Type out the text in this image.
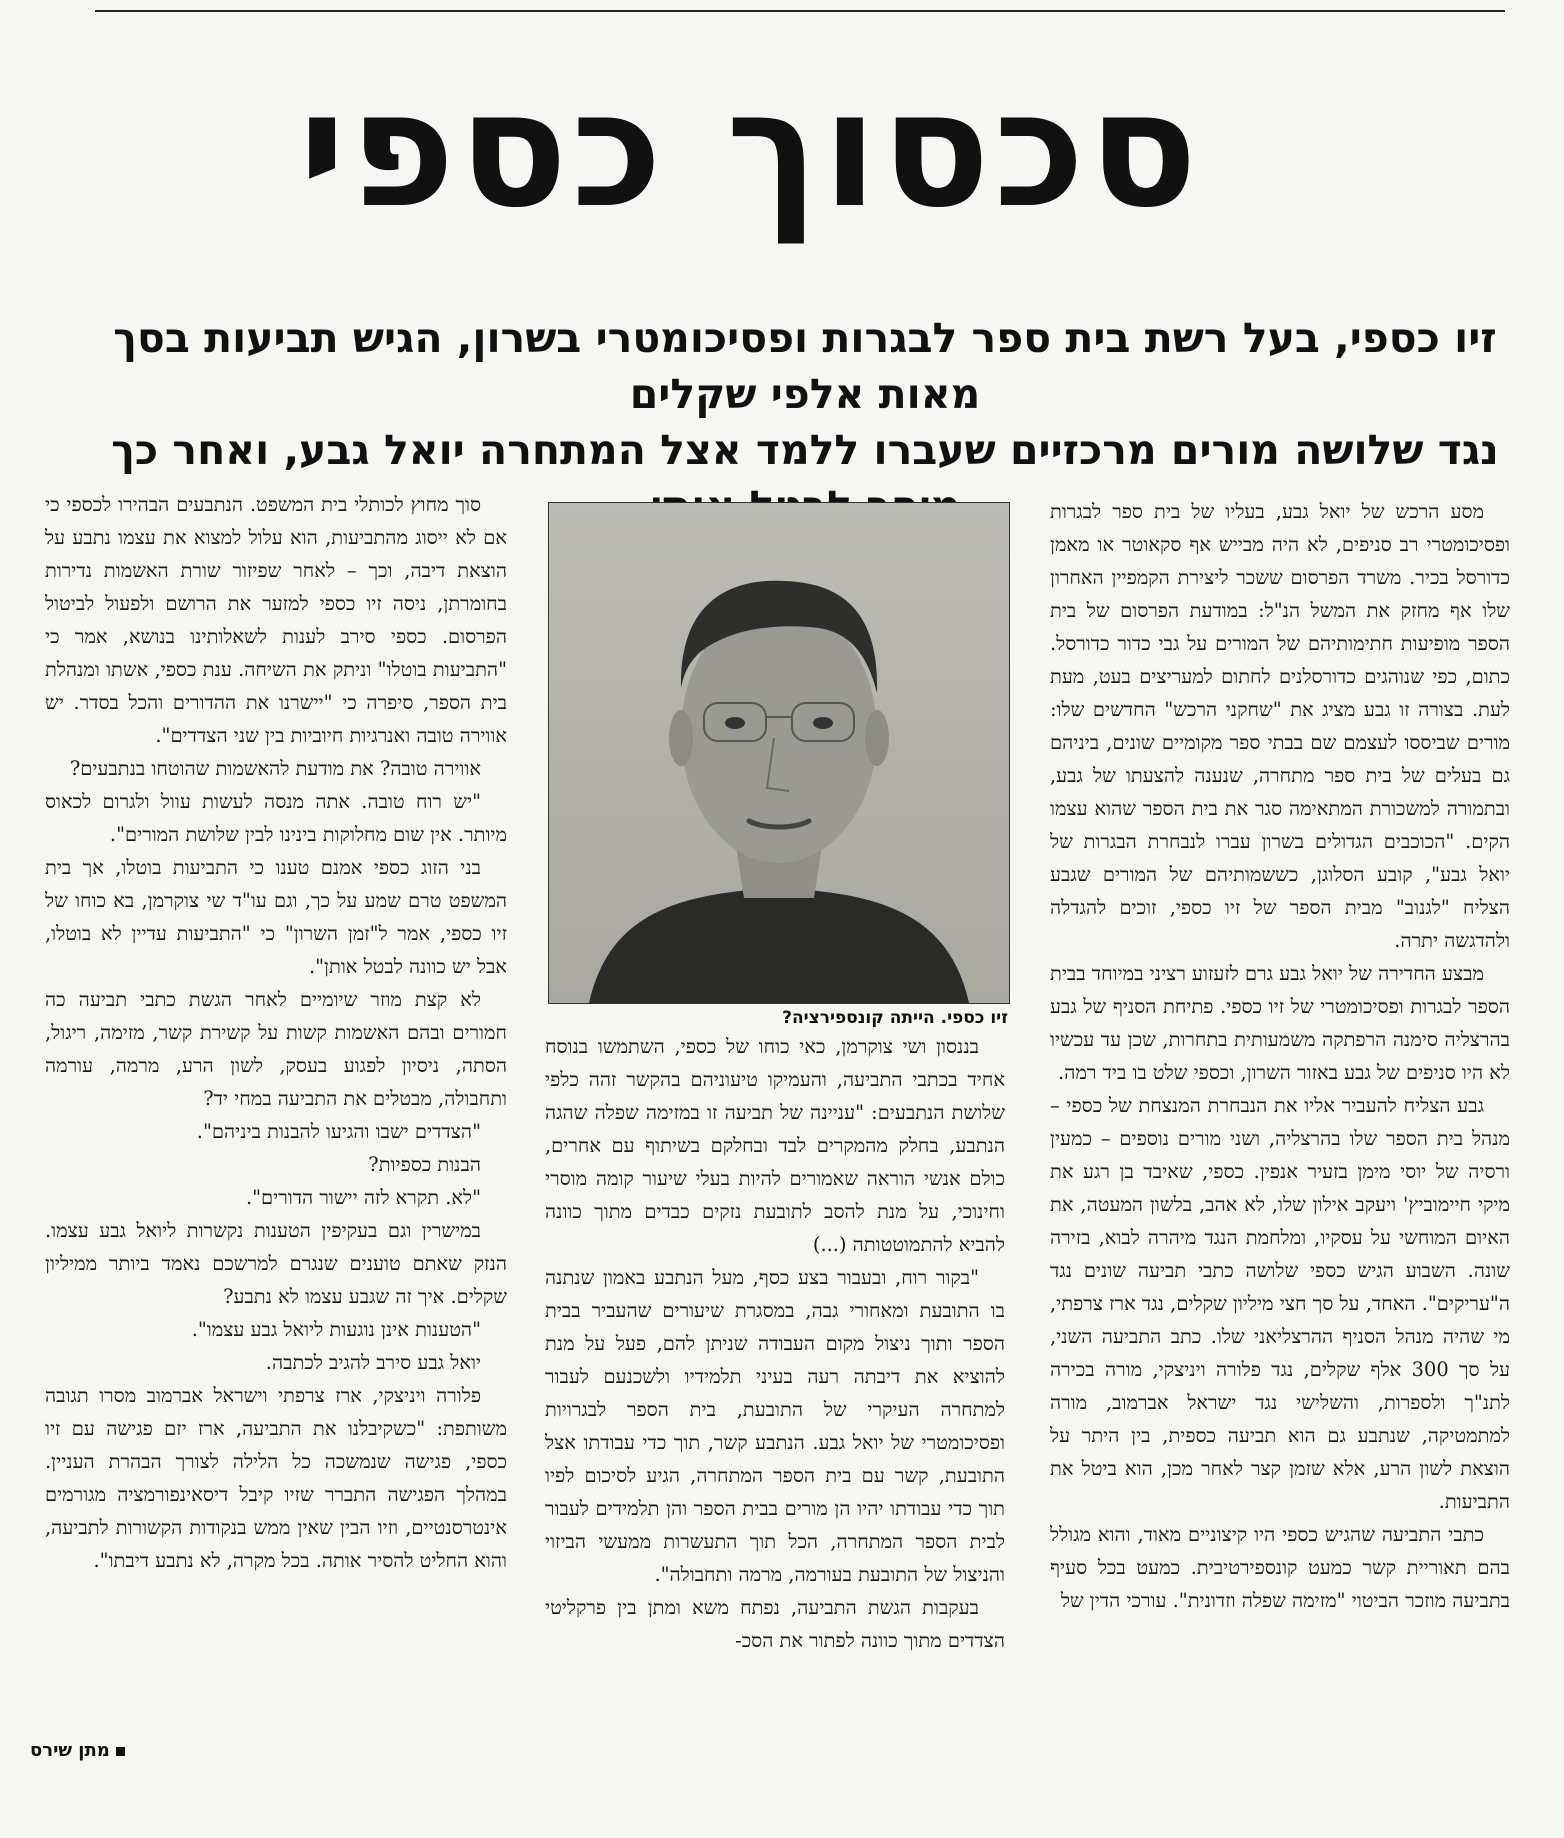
סכסוך כספי
זיו כספי, בעל רשת בית ספר לבגרות ופסיכומטרי בשרון, הגיש תביעות בסך מאות אלפי שקלים
נגד שלושה מורים מרכזיים שעברו ללמד אצל המתחרה יואל גבע, ואחר כך

מסע הרכש של יואל גבע, בעליו של בית ספר לבגרות ופסיכומטרי רב סניפים, לא היה מבייש אף סקאוטר או מאמן כדורסל בכיר. משרד הפרסום ששכר ליצירת הקמפיין האחרון שלו אף מחזק את המשל הנ"ל: במודעת הפרסום של בית הספר מופיעות חתימותיהם של המורים על גבי כדור כדורסל. כתום, כפי שנוהגים כדורסלנים לחתום למעריצים בעט, מעת לעת. בצורה זו גבע מציג את "שחקני הרכש" החדשים שלו: מורים שביססו לעצמם שם בבתי ספר מקומיים שונים, ביניהם גם בעלים של בית ספר מתחרה, שנענה להצעתו של גבע, ובתמורה למשכורת המתאימה סגר את בית הספר שהוא עצמו הקים. "הכוכבים הגדולים בשרון עברו לנבחרת הבגרות של יואל גבע", קובע הסלוגן, כששמותיהם של המורים שגבע הצליח "לגנוב" מבית הספר של זיו כספי, זוכים להגדלה ולהדגשה יתרה.

מבצע החדירה של יואל גבע גרם לזעזוע רציני במיוחד בבית הספר לבגרות ופסיכומטרי של זיו כספי. פתיחת הסניף של גבע בהרצליה סימנה הרפתקה משמעותית בתחרות, שכן עד עכשיו לא היו סניפים של גבע באזור השרון, וכספי שלט בו ביד רמה.

גבע הצליח להעביר אליו את הנבחרת המנצחת של כספי – מנהל בית הספר שלו בהרצליה, ושני מורים נוספים – כמעין ורסיה של יוסי מימן בזעיר אנפין. כספי, שאיבד בן רגע את מיקי חיימוביץ' ויעקב אילון שלו, לא אהב, בלשון המעטה, את האיום המוחשי על עסקיו, ומלחמת הנגד מיהרה לבוא, בזירה שונה. השבוע הגיש כספי שלושה כתבי תביעה שונים נגד ה"עריקים". האחד, על סך חצי מיליון שקלים, נגד ארז צרפתי, מי שהיה מנהל הסניף ההרצליאני שלו. כתב התביעה השני, על סך 300 אלף שקלים, נגד פלורה ויניצקי, מורה בכירה לתנ"ך ולספרות, והשלישי נגד ישראל אברמוב, מורה למתמטיקה, שנתבע גם הוא תביעה כספית, בין היתר על הוצאת לשון הרע, אלא שזמן קצר לאחר מכן, הוא ביטל את התביעות.

כתבי התביעה שהגיש כספי היו קיצוניים מאוד, והוא מגולל בהם תאוריית קשר כמעט קונספירטיבית. כמעט בכל סעיף בתביעה מוזכר הביטוי "מזימה שפלה וזדונית". עורכי הדין של

זיו כספי. הייתה קונספירציה?

בננסון ושי צוקרמן, כאי כוחו של כספי, השתמשו בנוסח אחיד בכתבי התביעה, והעמיקו טיעוניהם בהקשר זהה כלפי שלושת הנתבעים: "עניינה של תביעה זו במזימה שפלה שהגה הנתבע, בחלק מהמקרים לבד ובחלקם בשיתוף עם אחרים, כולם אנשי הוראה שאמורים להיות בעלי שיעור קומה מוסרי וחינוכי, על מנת להסב לתובעת נזקים כבדים מתוך כוונה להביא להתמוטטותה (...)

"בקור רוח, ובעבור בצע כסף, מעל הנתבע באמון שנתנה בו התובעת ומאחורי גבה, במסגרת שיעורים שהעביר בבית הספר ותוך ניצול מקום העבודה שניתן להם, פעל על מנת להוציא את דיבתה רעה בעיני תלמידיו ולשכנעם לעבור למתחרה העיקרי של התובעת, בית הספר לבגרויות ופסיכומטרי של יואל גבע. הנתבע קשר, תוך כדי עבודתו אצל התובעת, קשר עם בית הספר המתחרה, הגיע לסיכום לפיו תוך כדי עבודתו יהיו הן מורים בבית הספר והן תלמידים לעבור לבית הספר המתחרה, הכל תוך התעשרות ממעשי הביזוי והניצול של התובעת בעורמה, מרמה ותחבולה".

בעקבות הגשת התביעה, נפתח משא ומתן בין פרקליטי הצדדים מתוך כוונה לפתור את הסכ-

סוך מחוץ לכותלי בית המשפט. הנתבעים הבהירו לכספי כי אם לא ייסוג מהתביעות, הוא עלול למצוא את עצמו נתבע על הוצאת דיבה, וכך – לאחר שפיזור שורת האשמות נדירות בחומרתן, ניסה זיו כספי למזער את הרושם ולפעול לביטול הפרסום. כספי סירב לענות לשאלותינו בנושא, אמר כי "התביעות בוטלו" וניתק את השיחה. ענת כספי, אשתו ומנהלת בית הספר, סיפרה כי "יישרנו את ההדורים והכל בסדר. יש אווירה טובה ואנרגיות חיוביות בין שני הצדדים".

אווירה טובה? את מודעת להאשמות שהוטחו בנתבעים?

"יש רוח טובה. אתה מנסה לעשות עוול ולגרום לכאוס מיותר. אין שום מחלוקות בינינו לבין שלושת המורים".

בני הזוג כספי אמנם טענו כי התביעות בוטלו, אך בית המשפט טרם שמע על כך, וגם עו"ד שי צוקרמן, בא כוחו של זיו כספי, אמר ל"זמן השרון" כי "התביעות עדיין לא בוטלו, אבל יש כוונה לבטל אותן".

לא קצת מוזר שיומיים לאחר הגשת כתבי תביעה כה חמורים ובהם האשמות קשות על קשירת קשר, מזימה, ריגול, הסתה, ניסיון לפגוע בעסק, לשון הרע, מרמה, עורמה ותחבולה, מבטלים את התביעה במחי יד?

"הצדדים ישבו והגיעו להבנות ביניהם".

הבנות כספיות?

"לא. תקרא לזה יישור הדורים".

במישרין וגם בעקיפין הטענות נקשרות ליואל גבע עצמו. הנזק שאתם טוענים שנגרם למרשכם נאמד ביותר ממיליון שקלים. איך זה שגבע עצמו לא נתבע?

"הטענות אינן נוגעות ליואל גבע עצמו".

יואל גבע סירב להגיב לכתבה.

פלורה ויניצקי, ארז צרפתי וישראל אברמוב מסרו תגובה משותפת: "כשקיבלנו את התביעה, ארז יזם פגישה עם זיו כספי, פגישה שנמשכה כל הלילה לצורך הבהרת העניין. במהלך הפגישה התברר שזיו קיבל דיסאינפורמציה מגורמים אינטרסנטיים, וזיו הבין שאין ממש בנקודות הקשורות לתביעה, והוא החליט להסיר אותה. בכל מקרה, לא נתבע דיבתו".

מתן שירס
